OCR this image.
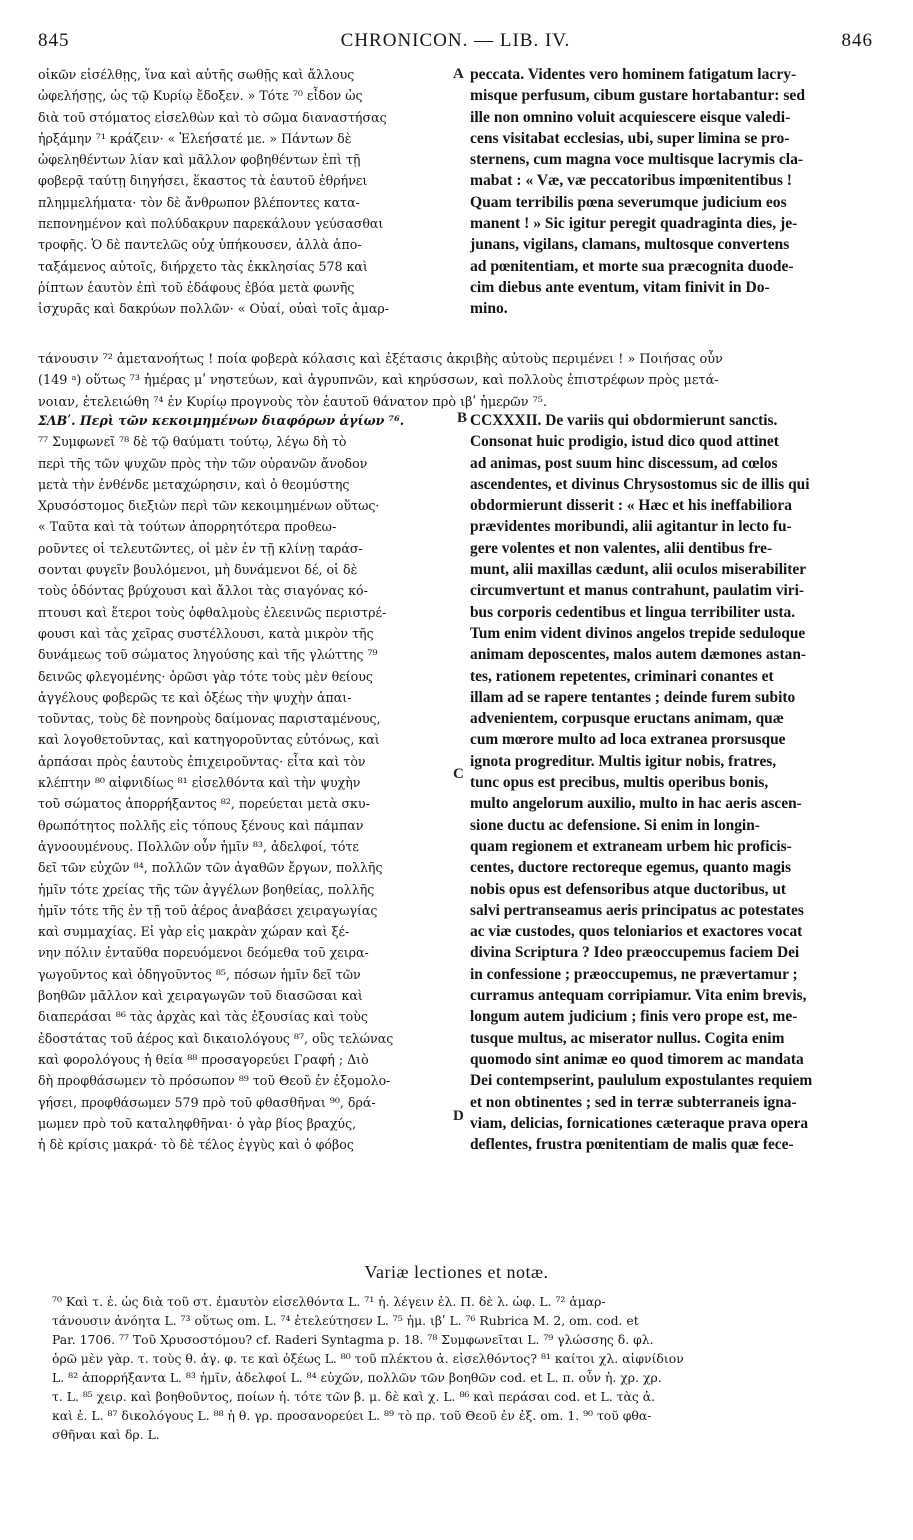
845	CHRONICON. — LIB. IV.	846
A
B
C
D
οἰκῶν εἰσέλθῃς, ἵνα καὶ αὐτῆς σωθῇς καὶ ἄλλους
ὠφελήσῃς, ὡς τῷ Κυρίῳ ἔδοξεν. » Τότε ⁷⁰ εἶδον ὡς
διὰ τοῦ στόματος εἰσελθὼν καὶ τὸ σῶμα διαναστήσας
ἠρξάμην ⁷¹ κράζειν· « Ἐλεήσατέ με. » Πάντων δὲ
ὠφεληθέντων λίαν καὶ μᾶλλον φοβηθέντων ἐπὶ τῇ
φοβερᾷ ταύτῃ διηγήσει, ἕκαστος τὰ ἑαυτοῦ ἐθρήνει
πλημμελήματα· τὸν δὲ ἄνθρωπον βλέποντες κατα-
πεπονημένον καὶ πολύδακρυν παρεκάλουν γεύσασθαι
τροφῆς. Ὁ δὲ παντελῶς οὐχ ὑπήκουσεν, ἀλλὰ ἀπο-
ταξάμενος αὐτοῖς, διήρχετο τὰς ἐκκλησίας 578 καὶ
ῥίπτων ἑαυτὸν ἐπὶ τοῦ ἐδάφους ἐβόα μετὰ φωνῆς
ἰσχυρᾶς καὶ δακρύων πολλῶν· « Οὐαί, οὐαὶ τοῖς ἁμαρ-
peccata. Videntes vero hominem fatigatum lacry-
misque perfusum, cibum gustare hortabantur: sed
ille non omnino voluit acquiescere eisque valedi-
cens visitabat ecclesias, ubi, super limina se pro-
sternens, cum magna voce multisque lacrymis cla-
mabat : « Væ, væ peccatoribus impœnitentibus !
Quam terribilis pœna severumque judicium eos
manent ! » Sic igitur peregit quadraginta dies, je-
junans, vigilans, clamans, multosque convertens
ad pœnitentiam, et morte sua præcognita duode-
cim diebus ante eventum, vitam finivit in Do-
mino.
τάνουσιν ⁷² ἀμετανοήτως ! ποία φοβερὰ κόλασις καὶ ἐξέτασις ἀκριβὴς αὐτοὺς περιμένει ! » Ποιήσας οὖν
(149 ᵃ) οὕτως ⁷³ ἡμέρας μʹ νηστεύων, καὶ ἀγρυπνῶν, καὶ κηρύσσων, καὶ πολλοὺς ἐπιστρέφων πρὸς μετά-
νοιαν, ἐτελειώθη ⁷⁴ ἐν Κυρίῳ προγνοὺς τὸν ἑαυτοῦ θάνατον πρὸ ιβʹ ἡμερῶν ⁷⁵.
ΣΛΒʹ. Περὶ τῶν κεκοιμημένων διαφόρων ἁγίων ⁷⁶.
⁷⁷ Συμφωνεῖ ⁷⁸ δὲ τῷ θαύματι τούτῳ, λέγω δὴ τὸ
περὶ τῆς τῶν ψυχῶν πρὸς τὴν τῶν οὐρανῶν ἄνοδον
μετὰ τὴν ἐνθένδε μεταχώρησιν, καὶ ὁ θεομύστης
Χρυσόστομος διεξιὼν περὶ τῶν κεκοιμημένων οὕτως·
« Ταῦτα καὶ τὰ τούτων ἀπορρητότερα προθεω-
ροῦντες οἱ τελευτῶντες, οἱ μὲν ἐν τῇ κλίνῃ ταράσ-
σονται φυγεῖν βουλόμενοι, μὴ δυνάμενοι δέ, οἱ δὲ
τοὺς ὀδόντας βρύχουσι καὶ ἄλλοι τὰς σιαγόνας κό-
πτουσι καὶ ἕτεροι τοὺς ὀφθαλμοὺς ἐλεεινῶς περιστρέ-
φουσι καὶ τὰς χεῖρας συστέλλουσι, κατὰ μικρὸν τῆς
δυνάμεως τοῦ σώματος ληγούσης καὶ τῆς γλώττης ⁷⁹
δεινῶς φλεγομένης· ὁρῶσι γὰρ τότε τοὺς μὲν θείους
ἀγγέλους φοβερῶς τε καὶ ὀξέως τὴν ψυχὴν ἀπαι-
τοῦντας, τοὺς δὲ πονηροὺς δαίμονας παρισταμένους,
καὶ λογοθετοῦντας, καὶ κατηγοροῦντας εὐτόνως, καὶ
ἁρπάσαι πρὸς ἑαυτοὺς ἐπιχειροῦντας· εἶτα καὶ τὸν
κλέπτην ⁸⁰ αἰφνιδίως ⁸¹ εἰσελθόντα καὶ τὴν ψυχὴν
τοῦ σώματος ἀπορρήξαντος ⁸², πορεύεται μετὰ σκυ-
θρωπότητος πολλῆς εἰς τόπους ξένους καὶ πάμπαν
ἀγνοουμένους. Πολλῶν οὖν ἡμῖν ⁸³, ἀδελφοί, τότε
δεῖ τῶν εὐχῶν ⁸⁴, πολλῶν τῶν ἀγαθῶν ἔργων, πολλῆς
ἡμῖν τότε χρείας τῆς τῶν ἀγγέλων βοηθείας, πολλῆς
ἡμῖν τότε τῆς ἐν τῇ τοῦ ἀέρος ἀναβάσει χειραγωγίας
καὶ συμμαχίας. Εἰ γὰρ εἰς μακρὰν χώραν καὶ ξέ-
νην πόλιν ἐνταῦθα πορευόμενοι δεόμεθα τοῦ χειρα-
γωγοῦντος καὶ ὁδηγοῦντος ⁸⁵, πόσων ἡμῖν δεῖ τῶν
βοηθῶν μᾶλλον καὶ χειραγωγῶν τοῦ διασῶσαι καὶ
διαπεράσαι ⁸⁶ τὰς ἀρχὰς καὶ τὰς ἐξουσίας καὶ τοὺς
ἐδοστάτας τοῦ ἀέρος καὶ δικαιολόγους ⁸⁷, οὓς τελώνας
καὶ φορολόγους ἡ θεία ⁸⁸ προσαγορεύει Γραφή ; Διὸ
δὴ προφθάσωμεν τὸ πρόσωπον ⁸⁹ τοῦ Θεοῦ ἐν ἐξομολο-
γήσει, προφθάσωμεν 579 πρὸ τοῦ φθασθῆναι ⁹⁰, δρά-
μωμεν πρὸ τοῦ καταληφθῆναι· ὁ γὰρ βίος βραχύς,
ἡ δὲ κρίσις μακρά· τὸ δὲ τέλος ἐγγὺς καὶ ὁ φόβος
CCXXXII. De variis qui obdormierunt sanctis.
Consonat huic prodigio, istud dico quod attinet
ad animas, post suum hinc discessum, ad cœlos
ascendentes, et divinus Chrysostomus sic de illis qui
obdormierunt disserit : « Hæc et his ineffabiliora
prævidentes moribundi, alii agitantur in lecto fu-
gere volentes et non valentes, alii dentibus fre-
munt, alii maxillas cædunt, alii oculos miserabiliter
circumvertunt et manus contrahunt, paulatim viri-
bus corporis cedentibus et lingua terribiliter usta.
Tum enim vident divinos angelos trepide seduloque
animam deposcentes, malos autem dæmones astan-
tes, rationem repetentes, criminari conantes et
illam ad se rapere tentantes ; deinde furem subito
advenientem, corpusque eructans animam, quæ
cum mœrore multo ad loca extranea prorsusque
ignota progreditur. Multis igitur nobis, fratres,
tunc opus est precibus, multis operibus bonis,
multo angelorum auxilio, multo in hac aeris ascen-
sione ductu ac defensione. Si enim in longin-
quam regionem et extraneam urbem hic proficis-
centes, ductore rectoreque egemus, quanto magis
nobis opus est defensoribus atque ductoribus, ut
salvi pertranseamus aeris principatus ac potestates
ac viæ custodes, quos teloniarios et exactores vocat
divina Scriptura ? Ideo præoccupemus faciem Dei
in confessione ; præoccupemus, ne prævertamur ;
curramus antequam corripiamur. Vita enim brevis,
longum autem judicium ; finis vero prope est, me-
tusque multus, ac miserator nullus. Cogita enim
quomodo sint animæ eo quod timorem ac mandata
Dei contempserint, paululum expostulantes requiem
et non obtinentes ; sed in terræ subterraneis igna-
viam, delicias, fornicationes cæteraque prava opera
deflentes, frustra pœnitentiam de malis quæ fece-
Variæ lectiones et notæ.
⁷⁰ Καὶ τ. ἐ. ὡς διὰ τοῦ στ. ἐμαυτὸν εἰσελθόντα L. ⁷¹ ἠ. λέγειν ἐλ. Π. δὲ λ. ὠφ. L. ⁷² ἁμαρ-
τάνουσιν ἀνόητα L. ⁷³ οὕτως om. L. ⁷⁴ ἐτελεύτησεν L. ⁷⁵ ἡμ. ιβʹ L. ⁷⁶ Rubrica M. 2, om. cod. et
Par. 1706. ⁷⁷ Τοῦ Χρυσοστόμου? cf. Raderi Syntagma p. 18. ⁷⁸ Συμφωνεῖται L. ⁷⁹ γλώσσης δ. φλ.
ὁρῶ μὲν γὰρ. τ. τοὺς θ. ἀγ. φ. τε καὶ ὀξέως L. ⁸⁰ τοῦ πλέκτου ἀ. εἰσελθόντος? ⁸¹ καίτοι χλ. αἰφνίδιον
L. ⁸² ἀπορρήξαντα L. ⁸³ ἡμῖν, ἀδελφοί L. ⁸⁴ εὐχῶν, πολλῶν τῶν βοηθῶν cod. et L. π. οὖν ἡ. χρ. χρ.
τ. L. ⁸⁵ χειρ. καὶ βοηθοῦντος, ποίων ἡ. τότε τῶν β. μ. δὲ καὶ χ. L. ⁸⁶ καὶ περάσαι cod. et L. τὰς ἀ.
καὶ ἐ. L. ⁸⁷ δικολόγους L. ⁸⁸ ἡ θ. γρ. προσανορεύει L. ⁸⁹ τὸ πρ. τοῦ Θεοῦ ἐν ἐξ. om. 1. ⁹⁰ τοῦ φθα-
σθῆναι καὶ δρ. L.
